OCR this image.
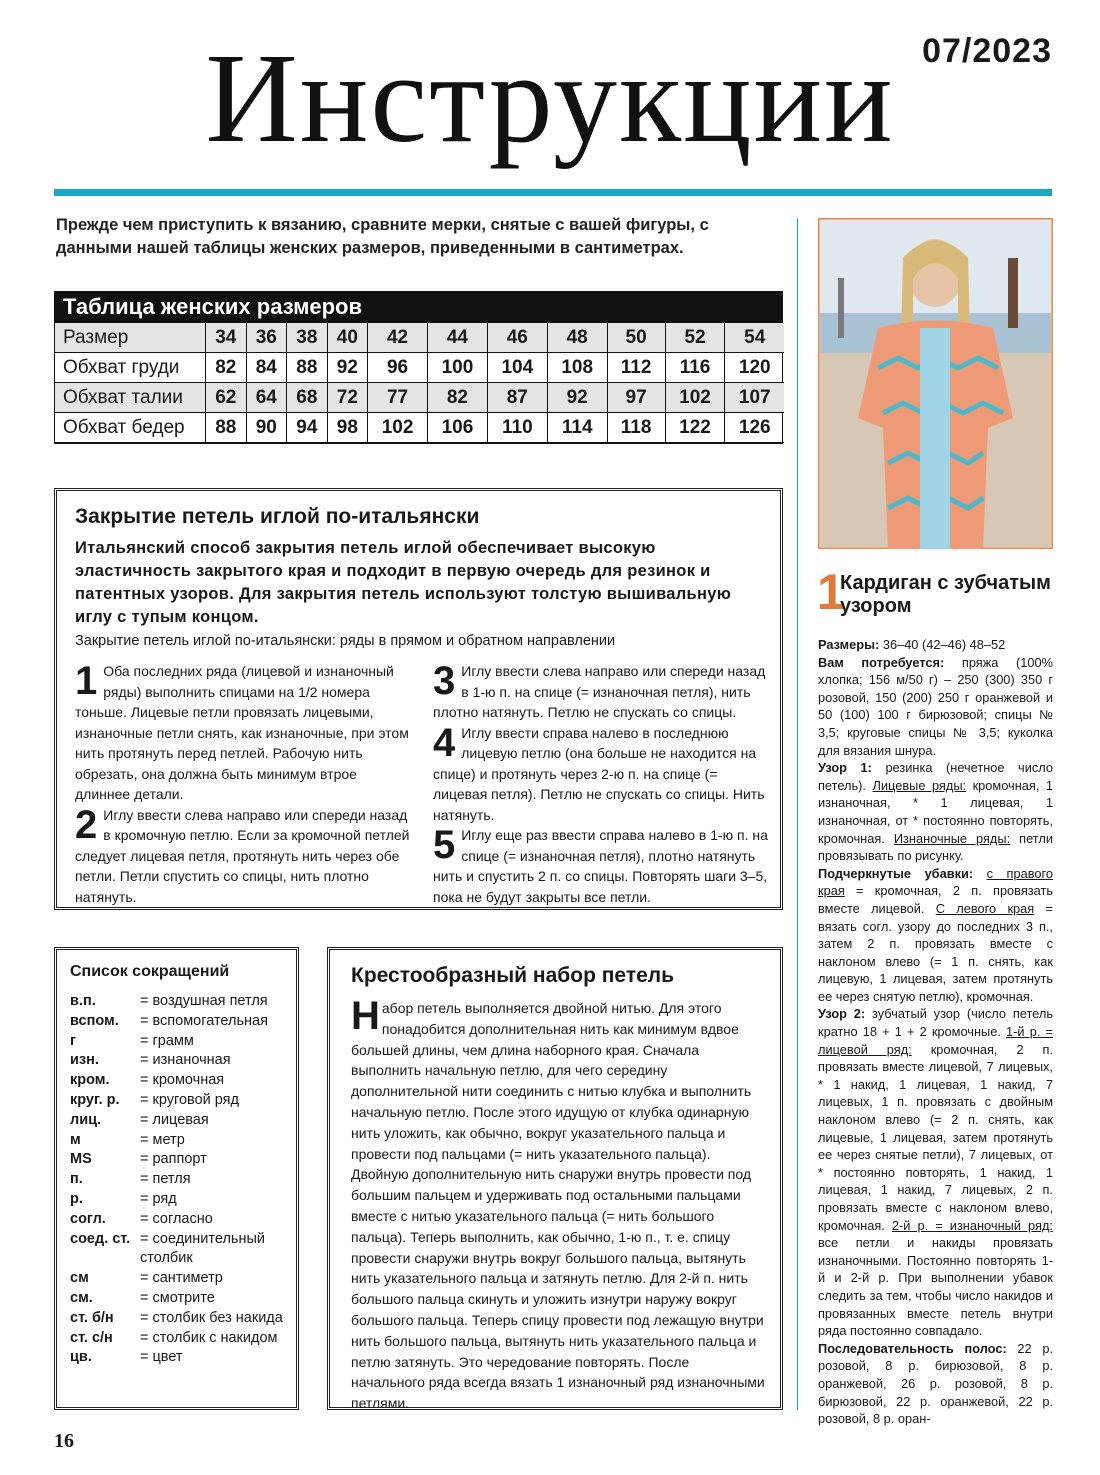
Инструкции 07/2023
Прежде чем приступить к вязанию, сравните мерки, снятые с вашей фигуры, с данными нашей таблицы женских размеров, приведенными в сантиметрах.
Таблица женских размеров
Размер	34	36	38	40	42	44	46	48	50	52	54
Обхват груди	82	84	88	92	96	100	104	108	112	116	120
Обхват талии	62	64	68	72	77	82	87	92	97	102	107
Обхват бедер	88	90	94	98	102	106	110	114	118	122	126
Закрытие петель иглой по-итальянски
Итальянский способ закрытия петель иглой обеспечивает высокую эластичность закрытого края и подходит в первую очередь для резинок и патентных узоров. Для закрытия петель используют толстую вышивальную иглу с тупым концом.
Закрытие петель иглой по-итальянски: ряды в прямом и обратном направлении
1 Оба последних ряда (лицевой и изнаночный ряды) выполнить спицами на 1/2 номера тоньше. Лицевые петли провязать лицевыми, изнаночные петли снять, как изнаночные, при этом нить протянуть перед петлей. Рабочую нить обрезать, она должна быть минимум втрое длиннее детали.
2 Иглу ввести слева направо или спереди назад в кромочную петлю. Если за кромочной петлей следует лицевая петля, протянуть нить через обе петли. Петли спустить со спицы, нить плотно натянуть.
3 Иглу ввести слева направо или спереди назад в 1-ю п. на спице (= изнаночная петля), нить плотно натянуть. Петлю не спускать со спицы.
4 Иглу ввести справа налево в последнюю лицевую петлю (она больше не находится на спице) и протянуть через 2-ю п. на спице (= лицевая петля). Петлю не спускать со спицы. Нить натянуть.
5 Иглу еще раз ввести справа налево в 1-ю п. на спице (= изнаночная петля), плотно натянуть нить и спустить 2 п. со спицы. Повторять шаги 3–5, пока не будут закрыты все петли.
Список сокращений
в.п.	= воздушная петля
вспом.	= вспомогательная
г	= грамм
изн.	= изнаночная
кром.	= кромочная
круг. р.	= круговой ряд
лиц.	= лицевая
м	= метр
MS	= раппорт
п.	= петля
р.	= ряд
согл.	= согласно
соед. ст. = соединительный столбик
см	= сантиметр
см.	= смотрите
ст. б/н	= столбик без накида
ст. с/н	= столбик с накидом
цв.	= цвет
Крестообразный набор петель
Набор петель выполняется двойной нитью. Для этого понадобится дополнительная нить как минимум вдвое большей длины, чем длина наборного края. Сначала выполнить начальную петлю, для чего середину дополнительной нити соединить с нитью клубка и выполнить начальную петлю. После этого идущую от клубка одинарную нить уложить, как обычно, вокруг указательного пальца и провести под пальцами (= нить указательного пальца). Двойную дополнительную нить снаружи внутрь провести под большим пальцем и удерживать под остальными пальцами вместе с нитью указательного пальца (= нить большого пальца). Теперь выполнить, как обычно, 1-ю п., т. е. спицу провести снаружи внутрь вокруг большого пальца, вытянуть нить указательного пальца и затянуть петлю. Для 2-й п. нить большого пальца скинуть и уложить изнутри наружу вокруг большого пальца. Теперь спицу провести под лежащую внутри нить большого пальца, вытянуть нить указательного пальца и петлю затянуть. Это чередование повторять. После начального ряда всегда вязать 1 изнаночный ряд изнаночными петлями.
1
Кардиган с зубчатым узором
Размеры: 36–40 (42–46) 48–52
Вам потребуется: пряжа (100% хлопка; 156 м/50 г) – 250 (300) 350 г розовой, 150 (200) 250 г оранжевой и 50 (100) 100 г бирюзовой; спицы № 3,5; круговые спицы № 3,5; куколка для вязания шнура.
Узор 1: резинка (нечетное число петель). Лицевые ряды: кромочная, 1 изнаночная, * 1 лицевая, 1 изнаночная, от * постоянно повторять, кромочная. Изнаночные ряды: петли провязывать по рисунку.
Подчеркнутые убавки: с правого края = кромочная, 2 п. провязать вместе лицевой. С левого края = вязать согл. узору до последних 3 п., затем 2 п. провязать вместе с наклоном влево (= 1 п. снять, как лицевую, 1 лицевая, затем протянуть ее через снятую петлю), кромочная.
Узор 2: зубчатый узор (число петель кратно 18 + 1 + 2 кромочные. 1-й р. = лицевой ряд: кромочная, 2 п. провязать вместе лицевой, 7 лицевых, * 1 накид, 1 лицевая, 1 накид, 7 лицевых, 1 п. провязать с двойным наклоном влево (= 2 п. снять, как лицевые, 1 лицевая, затем протянуть ее через снятые петли), 7 лицевых, от * постоянно повторять, 1 накид, 1 лицевая, 1 накид, 7 лицевых, 2 п. провязать вместе с наклоном влево, кромочная. 2-й р. = изнаночный ряд: все петли и накиды провязать изнаночными. Постоянно повторять 1-й и 2-й р. При выполнении убавок следить за тем, чтобы число накидов и провязанных вместе петель внутри ряда постоянно совпадало.
Последовательность полос: 22 р. розовой, 8 р. бирюзовой, 8 р. оранжевой, 26 р. розовой, 8 р. бирюзовой, 22 р. оранжевой, 22 р. розовой, 8 р. оран-
16
